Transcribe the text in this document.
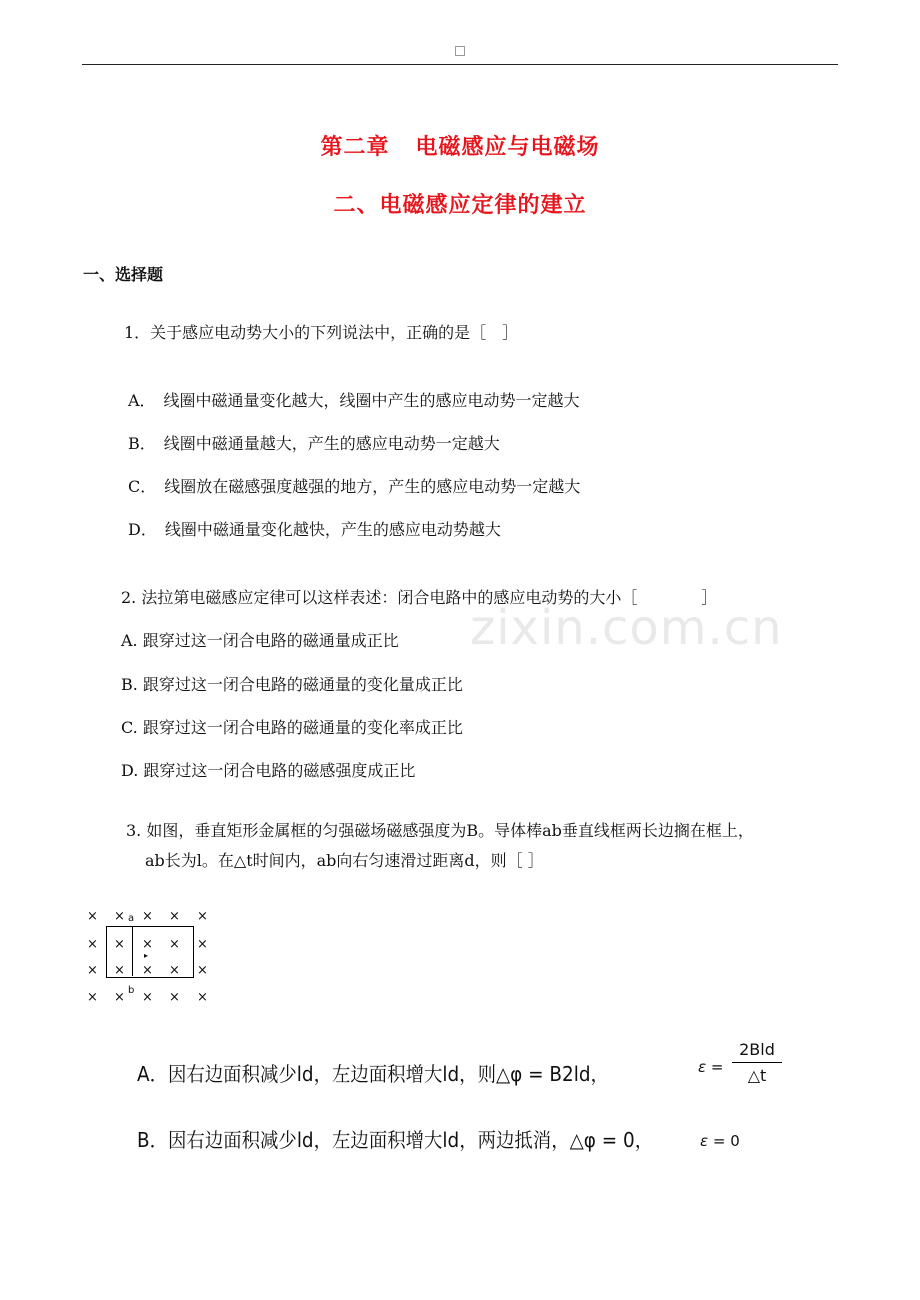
第二章 电磁感应与电磁场
二、电磁感应定律的建立
一、选择题
zixin.com.cn
1．关于感应电动势大小的下列说法中，正确的是［　］
A．　线圈中磁通量变化越大，线圈中产生的感应电动势一定越大
B．　线圈中磁通量越大，产生的感应电动势一定越大
C．　线圈放在磁感强度越强的地方，产生的感应电动势一定越大
D．　线圈中磁通量变化越快，产生的感应电动势越大
2. 法拉第电磁感应定律可以这样表述：闭合电路中的感应电动势的大小［　　　　］
A. 跟穿过这一闭合电路的磁通量成正比
B. 跟穿过这一闭合电路的磁通量的变化量成正比
C. 跟穿过这一闭合电路的磁通量的变化率成正比
D. 跟穿过这一闭合电路的磁感强度成正比
3. 如图，垂直矩形金属框的匀强磁场磁感强度为B。导体棒ab垂直线框两长边搁在框上，
ab长为l。在△t时间内，ab向右匀速滑过距离d，则［ ］
× × × × ×
× × × × ×
× × × × ×
× × × × ×
a
b
▸
A．因右边面积减少ld，左边面积增大ld，则△φ = B2ld，	ε =
2Bld
△t
B．因右边面积减少ld，左边面积增大ld，两边抵消，△φ = 0，	ε = 0
